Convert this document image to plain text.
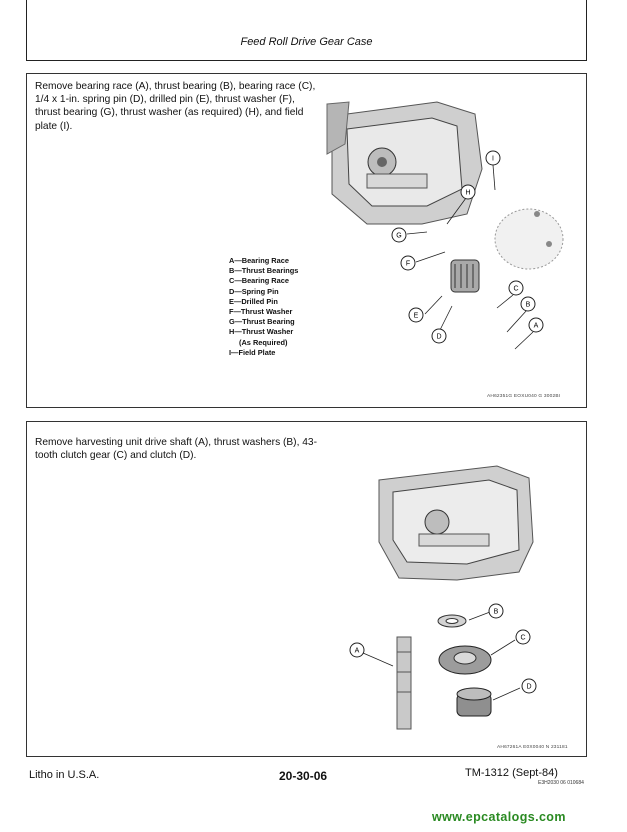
Feed Roll Drive Gear Case
Remove bearing race (A), thrust bearing (B), bearing race (C), 1/4 x 1-in. spring pin (D), drilled pin (E), thrust washer (F), thrust bearing (G), thrust washer (as required) (H), and field plate (I).
I
H
G
F
C
B
E
D
A
A—Bearing Race
B—Thrust Bearings
C—Bearing Race
D—Spring Pin
E—Drilled Pin
F—Thrust Washer
G—Thrust Bearing
H—Thrust Washer
(As Required)
I—Field Plate
AH62351G EOXU040 G 3002BI
Remove harvesting unit drive shaft (A), thrust washers (B), 43-tooth clutch gear (C) and clutch (D).
B
C
A
D
AH67261A E0X0040 N 231181
Litho in U.S.A.	20-30-06	TM-1312 (Sept-84)
E3H2030 06 010684
www.epcatalogs.com
